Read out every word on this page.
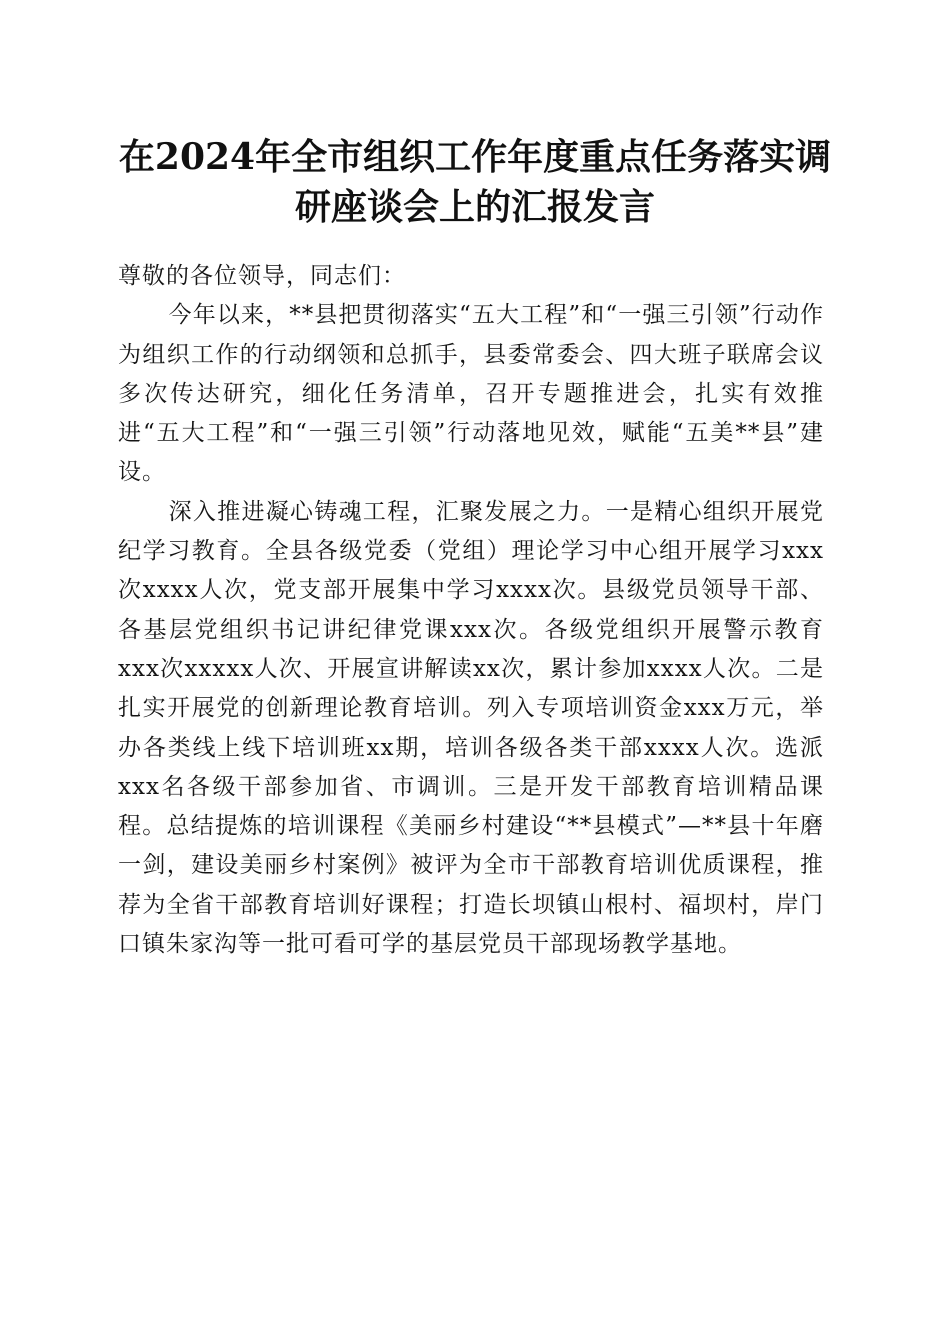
在2024年全市组织工作年度重点任务落实调研座谈会上的汇报发言

尊敬的各位领导，同志们：

今年以来，**县把贯彻落实“五大工程”和“一强三引领”行动作为组织工作的行动纲领和总抓手，县委常委会、四大班子联席会议多次传达研究，细化任务清单，召开专题推进会，扎实有效推进“五大工程”和“一强三引领”行动落地见效，赋能“五美**县”建设。

深入推进凝心铸魂工程，汇聚发展之力。一是精心组织开展党纪学习教育。全县各级党委（党组）理论学习中心组开展学习xxx次xxxx人次，党支部开展集中学习xxxx次。县级党员领导干部、各基层党组织书记讲纪律党课xxx次。各级党组织开展警示教育xxx次xxxxx人次、开展宣讲解读xx次，累计参加xxxx人次。二是扎实开展党的创新理论教育培训。列入专项培训资金xxx万元，举办各类线上线下培训班xx期，培训各级各类干部xxxx人次。选派xxx名各级干部参加省、市调训。三是开发干部教育培训精品课程。总结提炼的培训课程《美丽乡村建设“**县模式”—**县十年磨一剑，建设美丽乡村案例》被评为全市干部教育培训优质课程，推荐为全省干部教育培训好课程；打造长坝镇山根村、福坝村，岸门口镇朱家沟等一批可看可学的基层党员干部现场教学基地。
